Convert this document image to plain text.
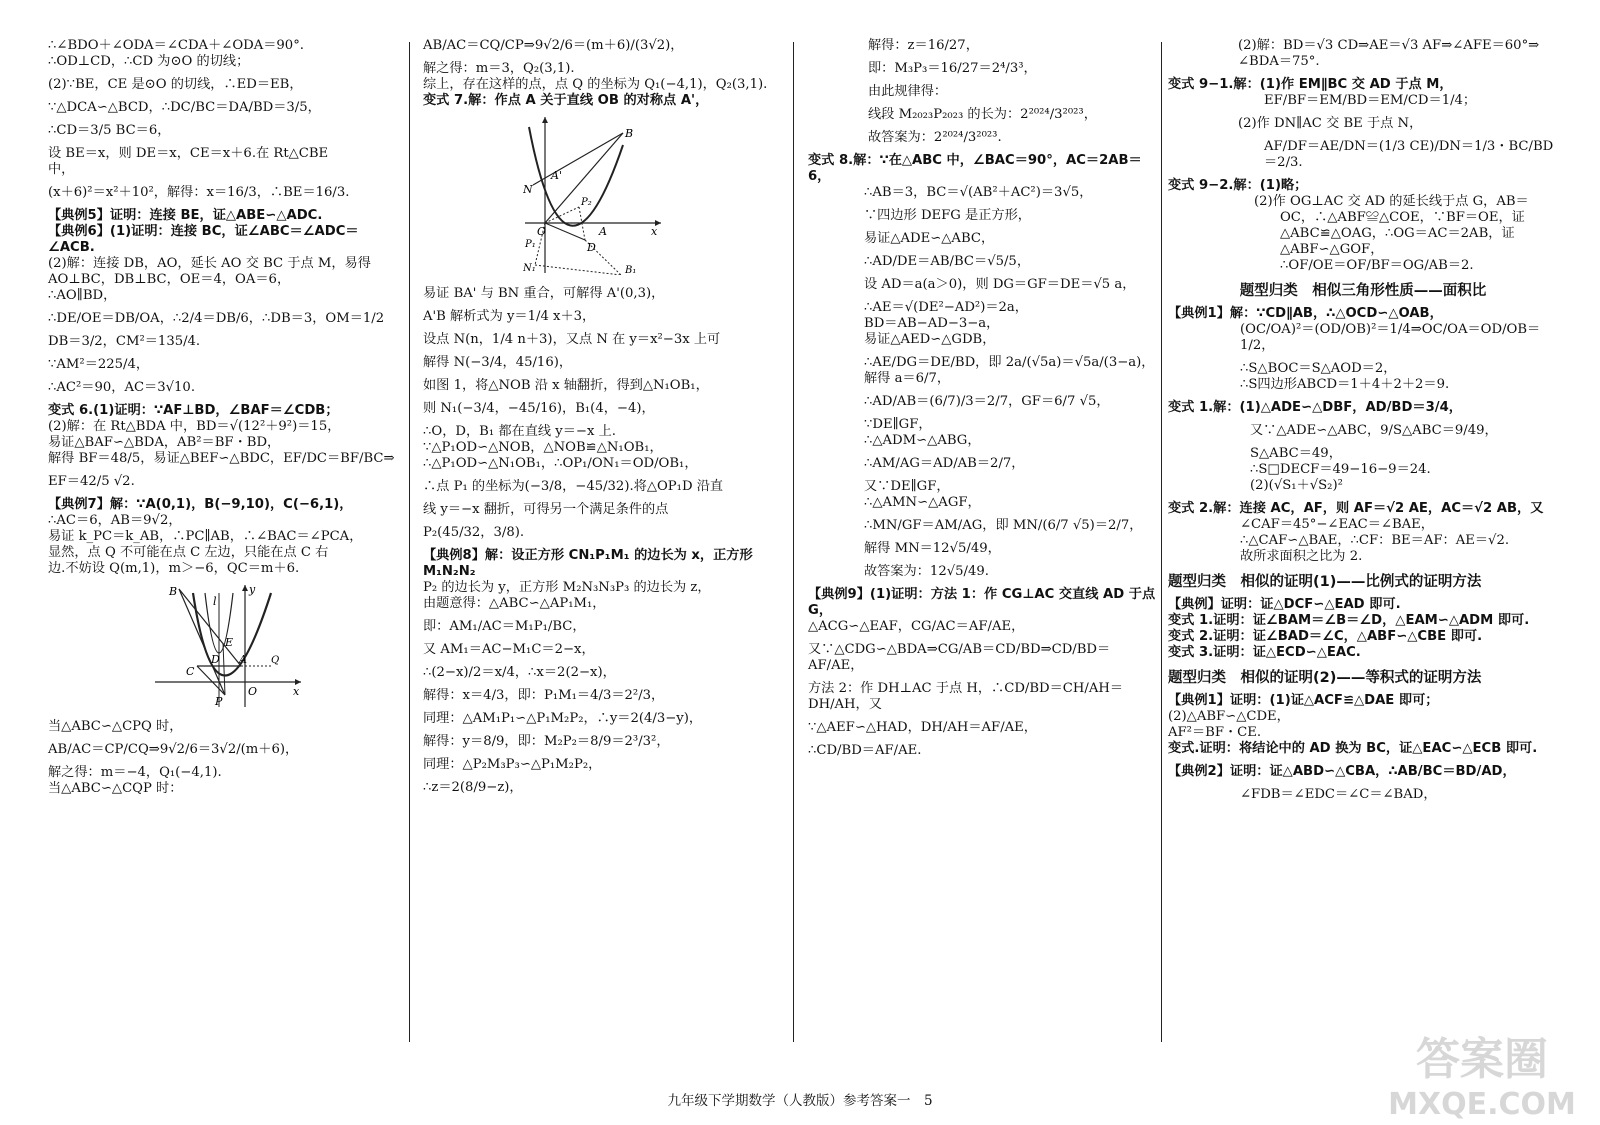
∴∠BDO＋∠ODA＝∠CDA＋∠ODA＝90°.
∴OD⊥CD，∴CD 为⊙O 的切线；
(2)∵BE，CE 是⊙O 的切线，∴ED＝EB，
∵△DCA∽△BCD，∴DC/BC＝DA/BD＝3/5，
∴CD＝3/5 BC＝6，
设 BE＝x，则 DE＝x，CE＝x＋6.在 Rt△CBE
中，
(x＋6)²＝x²＋10²，解得：x＝16/3，∴BE＝16/3.
【典例5】证明：连接 BE，证△ABE∽△ADC.
【典例6】(1)证明：连接 BC，证∠ABC＝∠ADC＝∠ACB.
(2)解：连接 DB，AO，延长 AO 交 BC 于点 M，易得
AO⊥BC，DB⊥BC，OE＝4，OA＝6，
∴AO∥BD，
∴DE/OE＝DB/OA，∴2/4＝DB/6，∴DB＝3，OM＝1/2
DB＝3/2，CM²＝135/4.
∵AM²＝225/4，
∴AC²＝90，AC＝3√10.
变式 6.(1)证明：∵AF⊥BD，∠BAF＝∠CDB；
(2)解：在 Rt△BDA 中，BD＝√(12²＋9²)＝15，
易证△BAF∽△BDA，AB²＝BF・BD，
解得 BF＝48/5，易证△BEF∽△BDC，EF/DC＝BF/BC⇒
EF＝42/5 √2.
【典例7】解：∵A(0,1)，B(−9,10)，C(−6,1)，
∴AC＝6，AB＝9√2，
易证 k_PC＝k_AB，∴PC∥AB，∴∠BAC＝∠PCA，
显然，点 Q 不可能在点 C 左边，只能在点 C 右
边.不妨设 Q(m,1)，m＞−6，QC＝m＋6.
B
l
y
E
C
D A Q
O	x
P
当△ABC∽△CPQ 时，
AB/AC＝CP/CQ⇒9√2/6＝3√2/(m＋6)，
解之得：m＝−4，Q₁(−4,1).
当△ABC∽△CQP 时：
AB/AC＝CQ/CP⇒9√2/6＝(m＋6)/(3√2)，
解之得：m＝3，Q₂(3,1).
综上，存在这样的点，点 Q 的坐标为 Q₁(−4,1)，Q₂(3,1).
变式 7.解：作点 A 关于直线 OB 的对称点 A'，
B
A'
N
P₂
O	A	x
P₁	D
N₁	B₁
易证 BA' 与 BN 重合，可解得 A'(0,3)，
A'B 解析式为 y＝1/4 x＋3，
设点 N(n，1/4 n＋3)，又点 N 在 y＝x²−3x 上可
解得 N(−3/4，45/16)，
如图 1，将△NOB 沿 x 轴翻折，得到△N₁OB₁，
则 N₁(−3/4，−45/16)，B₁(4，−4)，
∴O，D，B₁ 都在直线 y＝−x 上.
∵△P₁OD∽△NOB，△NOB≌△N₁OB₁，
∴△P₁OD∽△N₁OB₁，∴OP₁/ON₁＝OD/OB₁，
∴点 P₁ 的坐标为(−3/8，−45/32).将△OP₁D 沿直
线 y＝−x 翻折，可得另一个满足条件的点
P₂(45/32，3/8).
【典例8】解：设正方形 CN₁P₁M₁ 的边长为 x，正方形 M₁N₂N₂
P₂ 的边长为 y，正方形 M₂N₃N₃P₃ 的边长为 z，
由题意得：△ABC∽△AP₁M₁，
即：AM₁/AC＝M₁P₁/BC，
又 AM₁＝AC−M₁C＝2−x，
∴(2−x)/2＝x/4，∴x＝2(2−x)，
解得：x＝4/3，即：P₁M₁＝4/3＝2²/3，
同理：△AM₁P₁∽△P₁M₂P₂，∴y＝2(4/3−y)，
解得：y＝8/9，即：M₂P₂＝8/9＝2³/3²，
同理：△P₂M₃P₃∽△P₁M₂P₂，
∴z＝2(8/9−z)，
解得：z＝16/27，
即：M₃P₃＝16/27＝2⁴/3³，
由此规律得：
线段 M₂₀₂₃P₂₀₂₃ 的长为：2²⁰²⁴/3²⁰²³，
故答案为：2²⁰²⁴/3²⁰²³.
变式 8.解：∵在△ABC 中，∠BAC＝90°，AC＝2AB＝6，
∴AB＝3，BC＝√(AB²＋AC²)＝3√5，
∵四边形 DEFG 是正方形，
易证△ADE∽△ABC，
∴AD/DE＝AB/BC＝√5/5，
设 AD＝a(a＞0)，则 DG＝GF＝DE＝√5 a，
∴AE＝√(DE²−AD²)＝2a，
BD＝AB−AD−3−a，
易证△AED∽△GDB，
∴AE/DG＝DE/BD，即 2a/(√5a)＝√5a/(3−a)，解得 a＝6/7，
∴AD/AB＝(6/7)/3＝2/7，GF＝6/7 √5，
∵DE∥GF，
∴△ADM∽△ABG，
∴AM/AG＝AD/AB＝2/7，
又∵DE∥GF，
∴△AMN∽△AGF，
∴MN/GF＝AM/AG，即 MN/(6/7 √5)＝2/7，
解得 MN＝12√5/49，
故答案为：12√5/49.
【典例9】(1)证明：方法 1：作 CG⊥AC 交直线 AD 于点 G，
△ACG∽△EAF，CG/AC＝AF/AE，
又∵△CDG∽△BDA⇒CG/AB＝CD/BD⇒CD/BD＝AF/AE，
方法 2：作 DH⊥AC 于点 H，∴CD/BD＝CH/AH＝DH/AH，又
∵△AEF∽△HAD，DH/AH＝AF/AE，
∴CD/BD＝AF/AE.
(2)解：BD＝√3 CD⇒AE＝√3 AF⇒∠AFE＝60°⇒
∠BDA＝75°.
变式 9−1.解：(1)作 EM∥BC 交 AD 于点 M，
EF/BF＝EM/BD＝EM/CD＝1/4；
(2)作 DN∥AC 交 BE 于点 N，
AF/DF＝AE/DN＝(1/3 CE)/DN＝1/3・BC/BD＝2/3.
变式 9−2.解：(1)略；
(2)作 OG⊥AC 交 AD 的延长线于点 G，AB＝
OC，∴△ABF≌△COE，∵BF＝OE，证
△ABC≌△OAG，∴OG＝AC＝2AB，证
△ABF∽△GOF，
∴OF/OE＝OF/BF＝OG/AB＝2.
题型归类　相似三角形性质——面积比
【典例1】解：∵CD∥AB，∴△OCD∽△OAB，
(OC/OA)²＝(OD/OB)²＝1/4⇒OC/OA＝OD/OB＝1/2，
∴S△BOC＝S△AOD＝2，
∴S四边形ABCD＝1＋4＋2＋2＝9.
变式 1.解：(1)△ADE∽△DBF，AD/BD＝3/4，
又∵△ADE∽△ABC，9/S△ABC＝9/49，
S△ABC＝49，
∴S□DECF＝49−16−9＝24.
(2)(√S₁＋√S₂)²
变式 2.解：连接 AC，AF，则 AF＝√2 AE，AC＝√2 AB，又
∠CAF＝45°−∠EAC＝∠BAE，
∴△CAF∽△BAE，∴CF：BE＝AF：AE＝√2.
故所求面积之比为 2.
题型归类　相似的证明(1)——比例式的证明方法
【典例】证明：证△DCF∽△EAD 即可.
变式 1.证明：证∠BAM＝∠B＝∠D，△EAM∽△ADM 即可.
变式 2.证明：证∠BAD＝∠C，△ABF∽△CBE 即可.
变式 3.证明：证△ECD∽△EAC.
题型归类　相似的证明(2)——等积式的证明方法
【典例1】证明：(1)证△ACF≌△DAE 即可；
(2)△ABF∽△CDE，
AF²＝BF・CE.
变式.证明：将结论中的 AD 换为 BC，证△EAC∽△ECB 即可.
【典例2】证明：证△ABD∽△CBA，∴AB/BC＝BD/AD，
∠FDB＝∠EDC＝∠C＝∠BAD，
九年级下学期数学（人教版）参考答案一　5
答案圈
MXQE.COM
